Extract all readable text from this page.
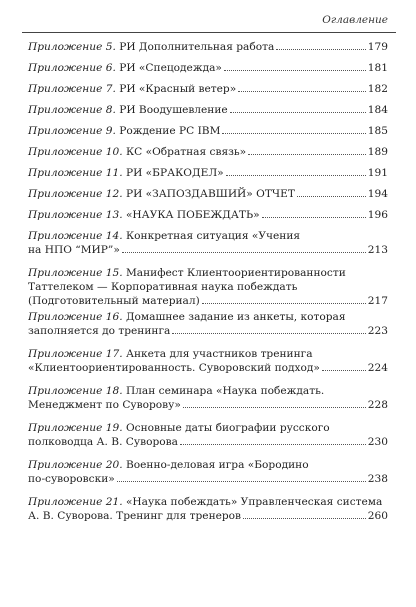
Оглавление
Приложение 5. РИ Дополнительная работа	179
Приложение 6. РИ «Спецодежда»	181
Приложение 7. РИ «Красный ветер»	182
Приложение 8. РИ Воодушевление	184
Приложение 9. Рождение PC IBM	185
Приложение 10. КС «Обратная связь»	189
Приложение 11. РИ «БРАКОДЕЛ»	191
Приложение 12. РИ «ЗАПОЗДАВШИЙ» ОТЧЕТ	194
Приложение 13. «НАУКА ПОБЕЖДАТЬ»	196
Приложение 14. Конкретная ситуация «Учения
на НПО “МИР”»	213
Приложение 15. Манифест Клиентоориентированности
Таттелеком — Корпоративная наука побеждать
(Подготовительный материал)	217
Приложение 16. Домашнее задание из анкеты, которая
заполняется до тренинга	223
Приложение 17. Анкета для участников тренинга
«Клиентоориентированность. Суворовский подход»	224
Приложение 18. План семинара «Наука побеждать.
Менеджмент по Суворову»	228
Приложение 19. Основные даты биографии русского
полководца А. В. Суворова	230
Приложение 20. Военно-деловая игра «Бородино
по-суворовски»	238
Приложение 21. «Наука побеждать» Управленческая система
А. В. Суворова. Тренинг для тренеров	260
